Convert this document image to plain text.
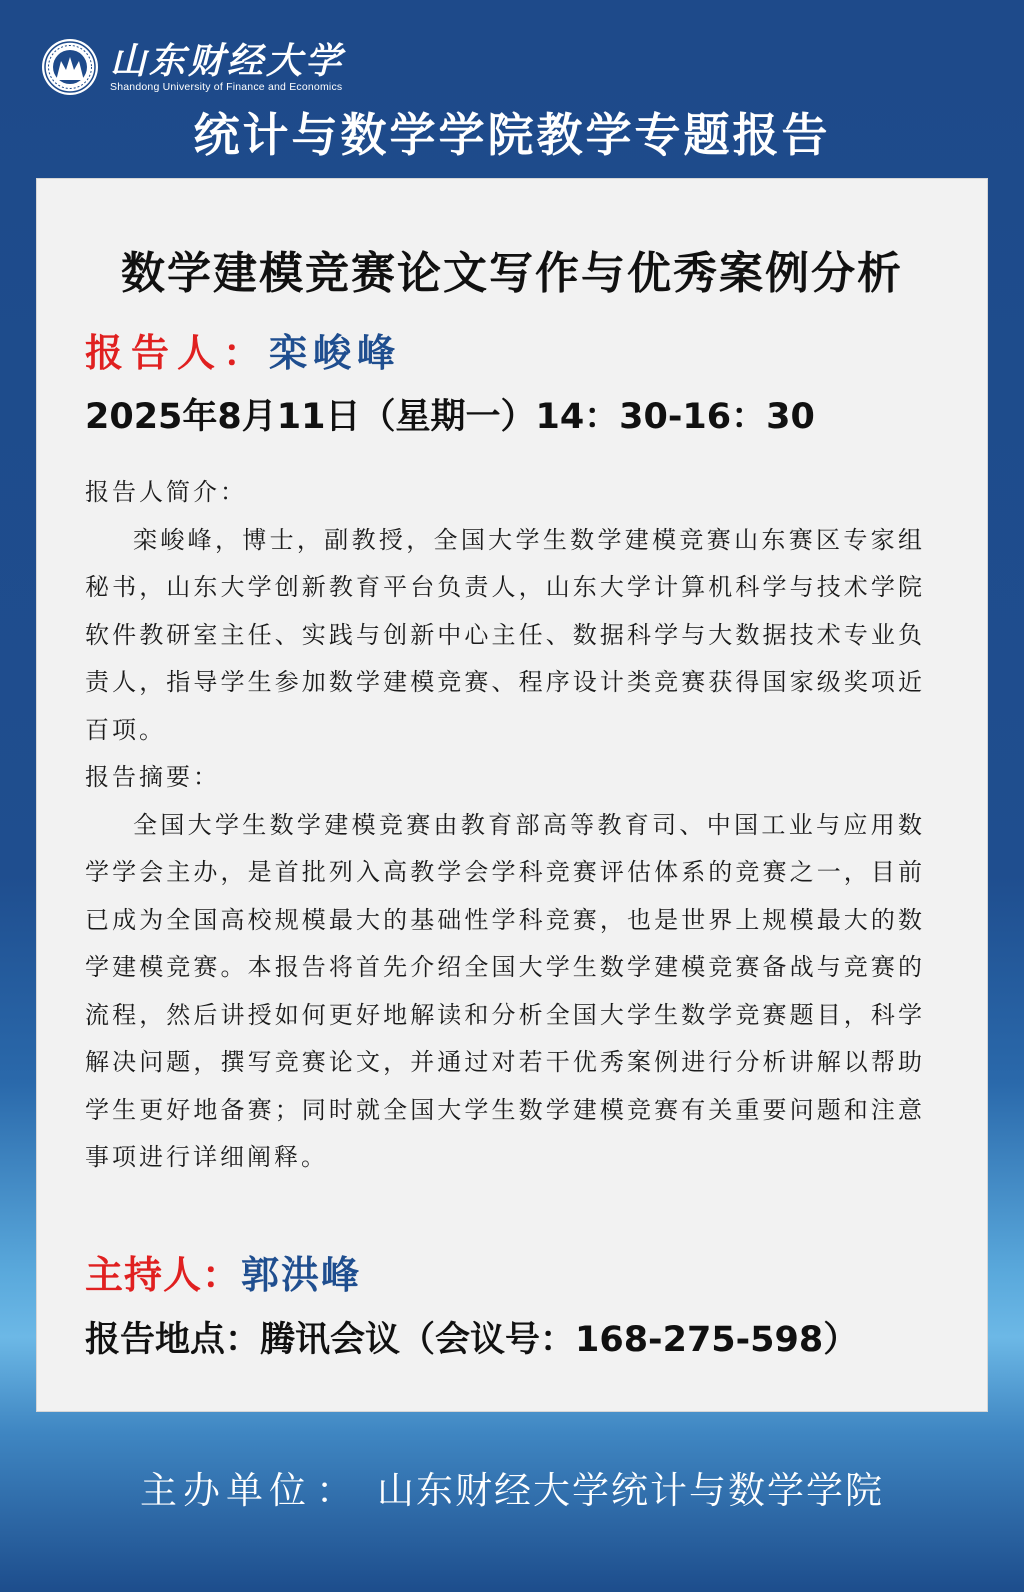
山东财经大学
Shandong University of Finance and Economics
统计与数学学院教学专题报告
数学建模竞赛论文写作与优秀案例分析
报告人：栾峻峰
2025年8月11日（星期一）14：30-16：30

报告人简介：

栾峻峰，博士，副教授，全国大学生数学建模竞赛山东赛区专家组秘书，山东大学创新教育平台负责人，山东大学计算机科学与技术学院软件教研室主任、实践与创新中心主任、数据科学与大数据技术专业负责人，指导学生参加数学建模竞赛、程序设计类竞赛获得国家级奖项近百项。

报告摘要：

全国大学生数学建模竞赛由教育部高等教育司、中国工业与应用数学学会主办，是首批列入高教学会学科竞赛评估体系的竞赛之一，目前已成为全国高校规模最大的基础性学科竞赛，也是世界上规模最大的数学建模竞赛。本报告将首先介绍全国大学生数学建模竞赛备战与竞赛的流程，然后讲授如何更好地解读和分析全国大学生数学竞赛题目，科学解决问题，撰写竞赛论文，并通过对若干优秀案例进行分析讲解以帮助学生更好地备赛；同时就全国大学生数学建模竞赛有关重要问题和注意事项进行详细阐释。

主持人：郭洪峰
报告地点：腾讯会议（会议号：168-275-598）
主办单位 ： 山东财经大学统计与数学学院
